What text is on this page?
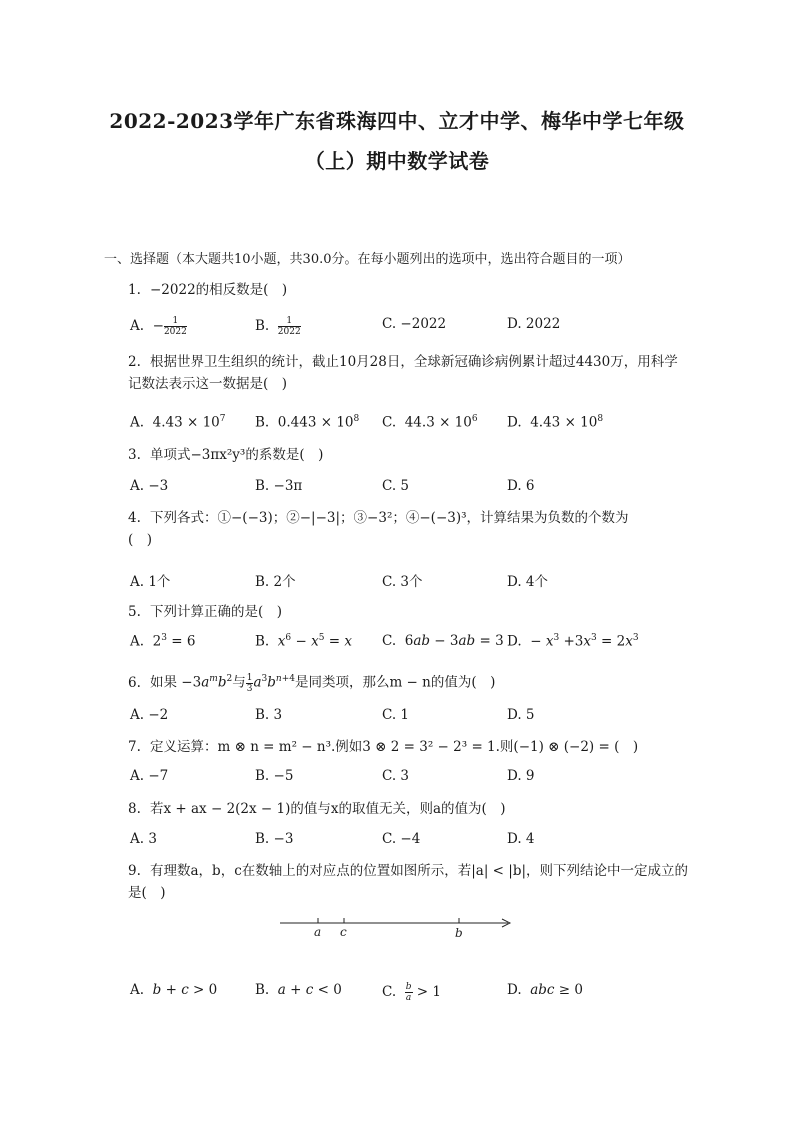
2022-2023学年广东省珠海四中、立才中学、梅华中学七年级
（上）期中数学试卷
一、选择题（本大题共10小题，共30.0分。在每小题列出的选项中，选出符合题目的一项）
1. −2022的相反数是(　)
A.  − $\frac{1}{2022}$	B. $\frac{1}{2022}$	C. −2022	D. 2022
2. 根据世界卫生组织的统计，截止10月28日，全球新冠确诊病例累计超过4430万，用科学
记数法表示这一数据是(　)
A.  $4.43 \times 10^7$ B.  $0.443 \times 10^8$ C.  $44.3 \times 10^6$ D.  $4.43 \times 10^8$
3. 单项式−3πx²y³的系数是(　)
A. −3	B. −3π	C. 5	D. 6
4. 下列各式：①−(−3)；②−|−3|；③−3²；④−(−3)³，计算结果为负数的个数为
(　)
A. 1个	B. 2个	C. 3个	D. 4个
5. 下列计算正确的是(　)
A.  $2^3 = 6$	B.  $x^6 - x^5 = x$ C.  6ab − 3ab = 3 D.  − $x^3 +3x^3 = 2x^3$
6. 如果 $-3a^mb^2$与 $\frac{1}{3} a^3b^{n+4}$是同类项，那么m − n的值为(　)
A. −2	B. 3	C. 1	D. 5
7. 定义运算：m ⊗ n = m² − n³.例如3 ⊗ 2 = 3² − 2³ = 1.则(−1) ⊗ (−2) = (　)
A. −7	B. −5	C. 3	D. 9
8. 若x + ax − 2(2x − 1)的值与x的取值无关，则a的值为(　)
A. 3	B. −3	C. −4	D. 4
9. 有理数a，b，c在数轴上的对应点的位置如图所示，若|a| < |b|，则下列结论中一定成立的
是(　)
a c	b
A.  b + c > 0	B.  a + c < 0	C. $\frac{b}{a} > 1$	D.  abc ≥ 0
